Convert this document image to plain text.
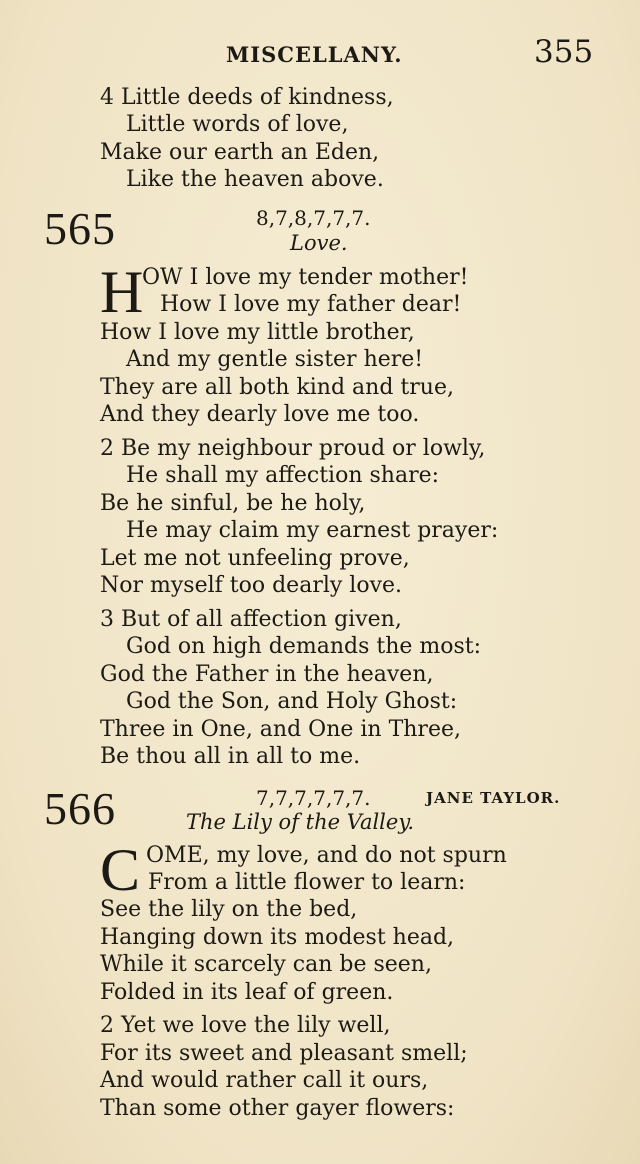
MISCELLANY.	355
4 Little deeds of kindness,
Little words of love,
Make our earth an Eden,
Like the heaven above.
565	8,7,8,7,7,7.
Love.
H
OW I love my tender mother!
How I love my father dear!
How I love my little brother,
And my gentle sister here!
They are all both kind and true,
And they dearly love me too.
2 Be my neighbour proud or lowly,
He shall my affection share:
Be he sinful, be he holy,
He may claim my earnest prayer:
Let me not unfeeling prove,
Nor myself too dearly love.
3 But of all affection given,
God on high demands the most:
God the Father in the heaven,
God the Son, and Holy Ghost:
Three in One, and One in Three,
Be thou all in all to me.
566	7,7,7,7,7,7.	JANE TAYLOR.
The Lily of the Valley.
C OME, my love, and do not spurn
From a little flower to learn:
See the lily on the bed,
Hanging down its modest head,
While it scarcely can be seen,
Folded in its leaf of green.
2 Yet we love the lily well,
For its sweet and pleasant smell;
And would rather call it ours,
Than some other gayer flowers:
